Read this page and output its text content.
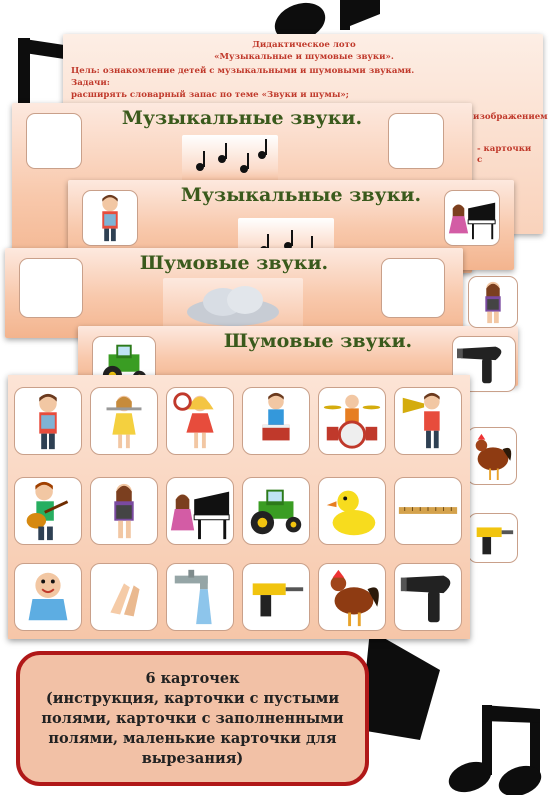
Дидактическое лото
«Музыкальные и шумовые звуки».
Цель: ознакомление детей с музыкальными и шумовыми звуками.
Задачи:
расширять словарный запас по теме «Звуки и шумы»;
изображением
- карточки с
Музыкальные звуки.
Музыкальные звуки.
Шумовые звуки.
Шумовые звуки.
6 карточек
(инструкция, карточки с пустыми
полями, карточки с заполненными
полями, маленькие карточки для
вырезания)
